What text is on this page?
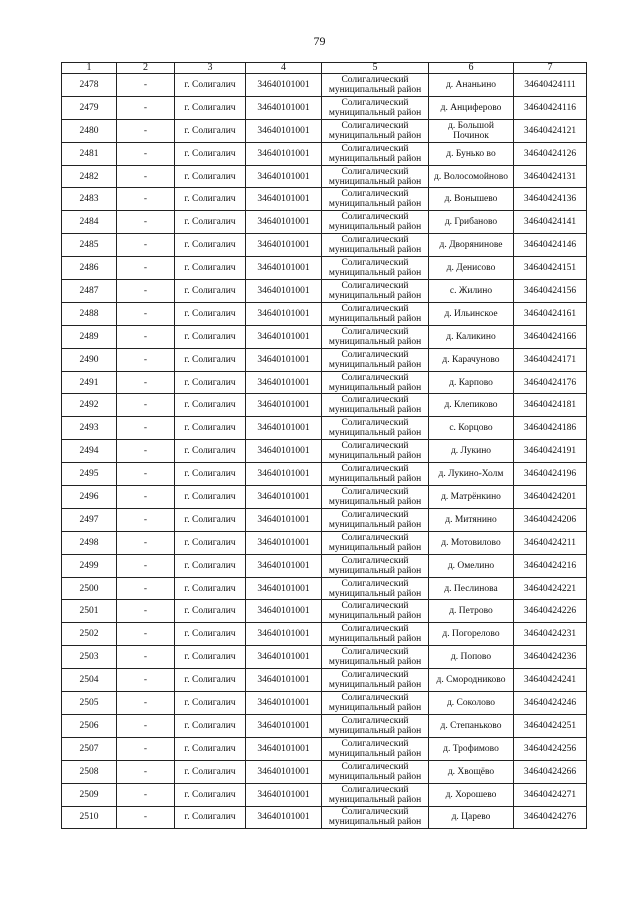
79
1	2	3	4	5	6	7
2478	-	г. Солигалич	34640101001	Солигалический муниципальный район	д. Ананьино	34640424111
2479	-	г. Солигалич	34640101001	Солигалический муниципальный район	д. Анциферово	34640424116
2480	-	г. Солигалич	34640101001	Солигалический муниципальный район	д. Большой Починок	34640424121
2481	-	г. Солигалич	34640101001	Солигалический муниципальный район	д. Бунько во	34640424126
2482	-	г. Солигалич	34640101001	Солигалический муниципальный район	д. Волосомойново	34640424131
2483	-	г. Солигалич	34640101001	Солигалический муниципальный район	д. Вонышево	34640424136
2484	-	г. Солигалич	34640101001	Солигалический муниципальный район	д. Грибаново	34640424141
2485	-	г. Солигалич	34640101001	Солигалический муниципальный район	д. Дворянинове	34640424146
2486	-	г. Солигалич	34640101001	Солигалический муниципальный район	д. Денисово	34640424151
2487	-	г. Солигалич	34640101001	Солигалический муниципальный район	с. Жилино	34640424156
2488	-	г. Солигалич	34640101001	Солигалический муниципальный район	д. Ильинское	34640424161
2489	-	г. Солигалич	34640101001	Солигалический муниципальный район	д. Каликино	34640424166
2490	-	г. Солигалич	34640101001	Солигалический муниципальный район	д. Карачуново	34640424171
2491	-	г. Солигалич	34640101001	Солигалический муниципальный район	д. Карпово	34640424176
2492	-	г. Солигалич	34640101001	Солигалический муниципальный район	д. Клепиково	34640424181
2493	-	г. Солигалич	34640101001	Солигалический муниципальный район	с. Корцово	34640424186
2494	-	г. Солигалич	34640101001	Солигалический муниципальный район	д. Лукино	34640424191
2495	-	г. Солигалич	34640101001	Солигалический муниципальный район	д. Лукино-Холм	34640424196
2496	-	г. Солигалич	34640101001	Солигалический муниципальный район	д. Матрёнкино	34640424201
2497	-	г. Солигалич	34640101001	Солигалический муниципальный район	д. Митянино	34640424206
2498	-	г. Солигалич	34640101001	Солигалический муниципальный район	д. Мотовилово	34640424211
2499	-	г. Солигалич	34640101001	Солигалический муниципальный район	д. Омелино	34640424216
2500	-	г. Солигалич	34640101001	Солигалический муниципальный район	д. Песлинова	34640424221
2501	-	г. Солигалич	34640101001	Солигалический муниципальный район	д. Петрово	34640424226
2502	-	г. Солигалич	34640101001	Солигалический муниципальный район	д. Погорелово	34640424231
2503	-	г. Солигалич	34640101001	Солигалический муниципальный район	д. Попово	34640424236
2504	-	г. Солигалич	34640101001	Солигалический муниципальный район	д. Смородниково	34640424241
2505	-	г. Солигалич	34640101001	Солигалический муниципальный район	д. Соколово	34640424246
2506	-	г. Солигалич	34640101001	Солигалический муниципальный район	д. Степаньково	34640424251
2507	-	г. Солигалич	34640101001	Солигалический муниципальный район	д. Трофимово	34640424256
2508	-	г. Солигалич	34640101001	Солигалический муниципальный район	д. Хвощёво	34640424266
2509	-	г. Солигалич	34640101001	Солигалический муниципальный район	д. Хорошево	34640424271
2510	-	г. Солигалич	34640101001	Солигалический муниципальный район	д. Царево	34640424276
